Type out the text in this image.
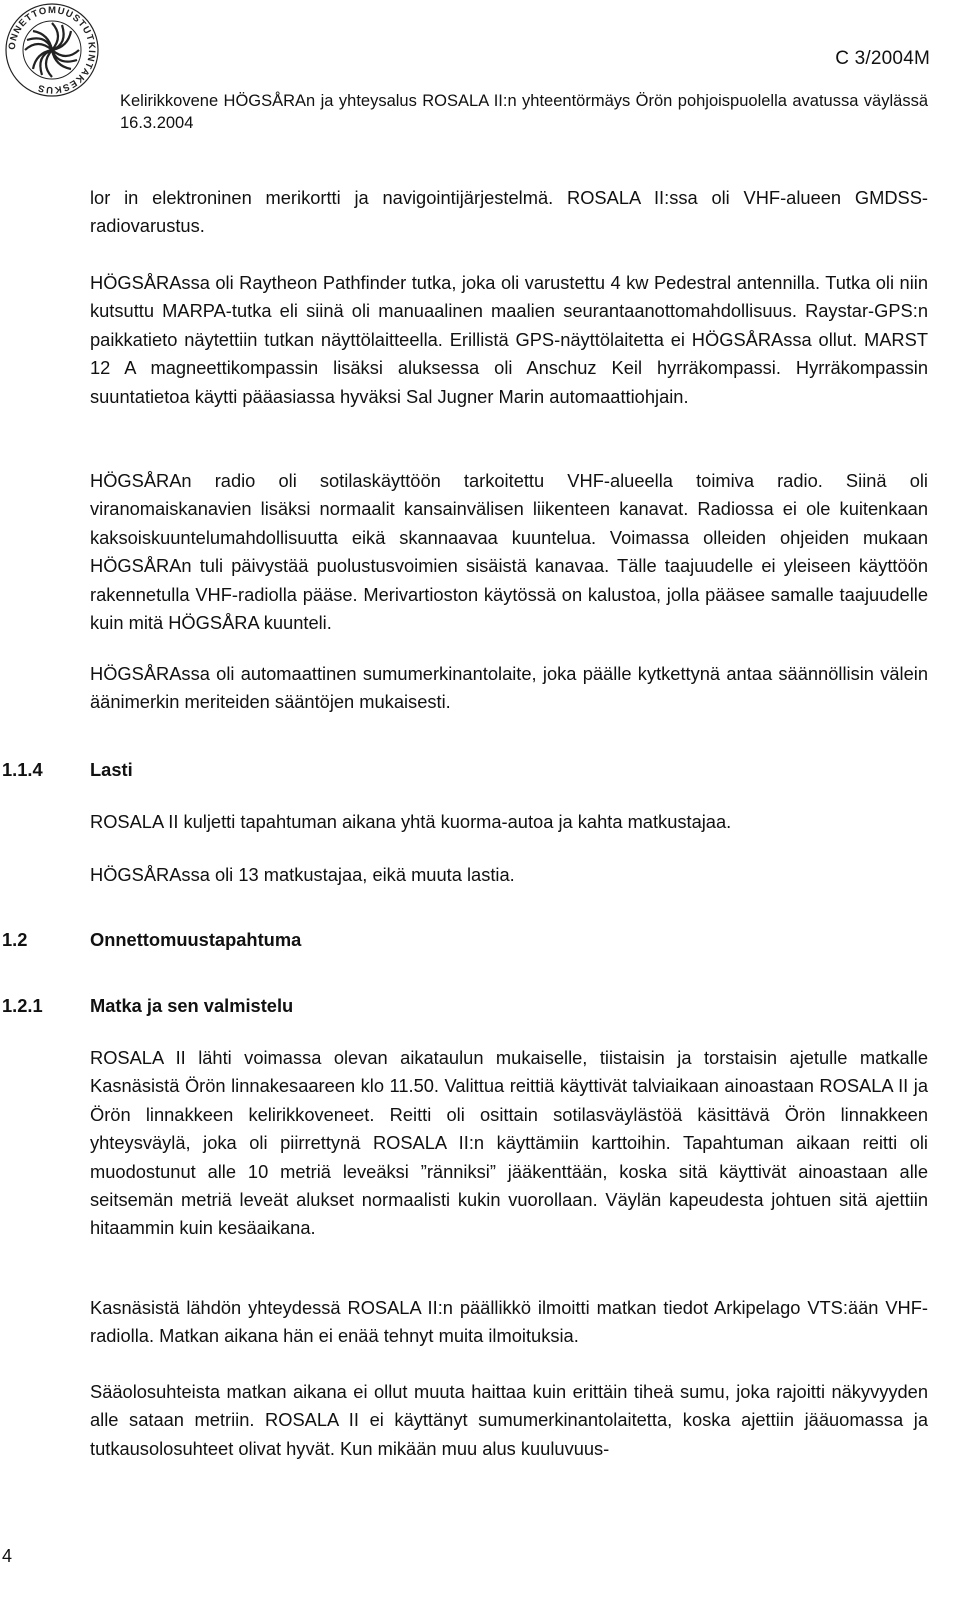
ONNETTOMUUSTUTKINTAKESKUS
C 3/2004M
Kelirikkovene HÖGSÅRAn ja yhteysalus ROSALA II:n yhteentörmäys Örön pohjoispuolella avatussa väylässä 16.3.2004

lor in elektroninen merikortti ja navigointijärjestelmä. ROSALA II:ssa oli VHF-alueen GMDSS-radiovarustus.

HÖGSÅRAssa oli Raytheon Pathfinder tutka, joka oli varustettu 4 kw Pedestral antennilla. Tutka oli niin kutsuttu MARPA-tutka eli siinä oli manuaalinen maalien seurantaanottomahdollisuus. Raystar-GPS:n paikkatieto näytettiin tutkan näyttölaitteella. Erillistä GPS-näyttölaitetta ei HÖGSÅRAssa ollut. MARST 12 A magneettikompassin lisäksi aluksessa oli Anschuz Keil hyrräkompassi. Hyrräkompassin suuntatietoa käytti pääasiassa hyväksi Sal Jugner Marin automaattiohjain.

HÖGSÅRAn radio oli sotilaskäyttöön tarkoitettu VHF-alueella toimiva radio. Siinä oli viranomaiskanavien lisäksi normaalit kansainvälisen liikenteen kanavat. Radiossa ei ole kuitenkaan kaksoiskuuntelumahdollisuutta eikä skannaavaa kuuntelua. Voimassa olleiden ohjeiden mukaan HÖGSÅRAn tuli päivystää puolustusvoimien sisäistä kanavaa. Tälle taajuudelle ei yleiseen käyttöön rakennetulla VHF-radiolla pääse. Merivartioston käytössä on kalustoa, jolla pääsee samalle taajuudelle kuin mitä HÖGSÅRA kuunteli.

HÖGSÅRAssa oli automaattinen sumumerkinantolaite, joka päälle kytkettynä antaa säännöllisin välein äänimerkin meriteiden sääntöjen mukaisesti.

1.1.4	Lasti

ROSALA II kuljetti tapahtuman aikana yhtä kuorma-autoa ja kahta matkustajaa.

HÖGSÅRAssa oli 13 matkustajaa, eikä muuta lastia.

1.2	Onnettomuustapahtuma
1.2.1	Matka ja sen valmistelu

ROSALA II lähti voimassa olevan aikataulun mukaiselle, tiistaisin ja torstaisin ajetulle matkalle Kasnäsistä Örön linnakesaareen klo 11.50. Valittua reittiä käyttivät talviaikaan ainoastaan ROSALA II ja Örön linnakkeen kelirikkoveneet. Reitti oli osittain sotilasväylästöä käsittävä Örön linnakkeen yhteysväylä, joka oli piirrettynä ROSALA II:n käyttämiin karttoihin. Tapahtuman aikaan reitti oli muodostunut alle 10 metriä leveäksi ”ränniksi” jääkenttään, koska sitä käyttivät ainoastaan alle seitsemän metriä leveät alukset normaalisti kukin vuorollaan. Väylän kapeudesta johtuen sitä ajettiin hitaammin kuin kesäaikana.

Kasnäsistä lähdön yhteydessä ROSALA II:n päällikkö ilmoitti matkan tiedot Arkipelago VTS:ään VHF-radiolla. Matkan aikana hän ei enää tehnyt muita ilmoituksia.

Sääolosuhteista matkan aikana ei ollut muuta haittaa kuin erittäin tiheä sumu, joka rajoitti näkyvyyden alle sataan metriin. ROSALA II ei käyttänyt sumumerkinantolaitetta, koska ajettiin jääuomassa ja tutkausolosuhteet olivat hyvät. Kun mikään muu alus kuuluvuus-

4
